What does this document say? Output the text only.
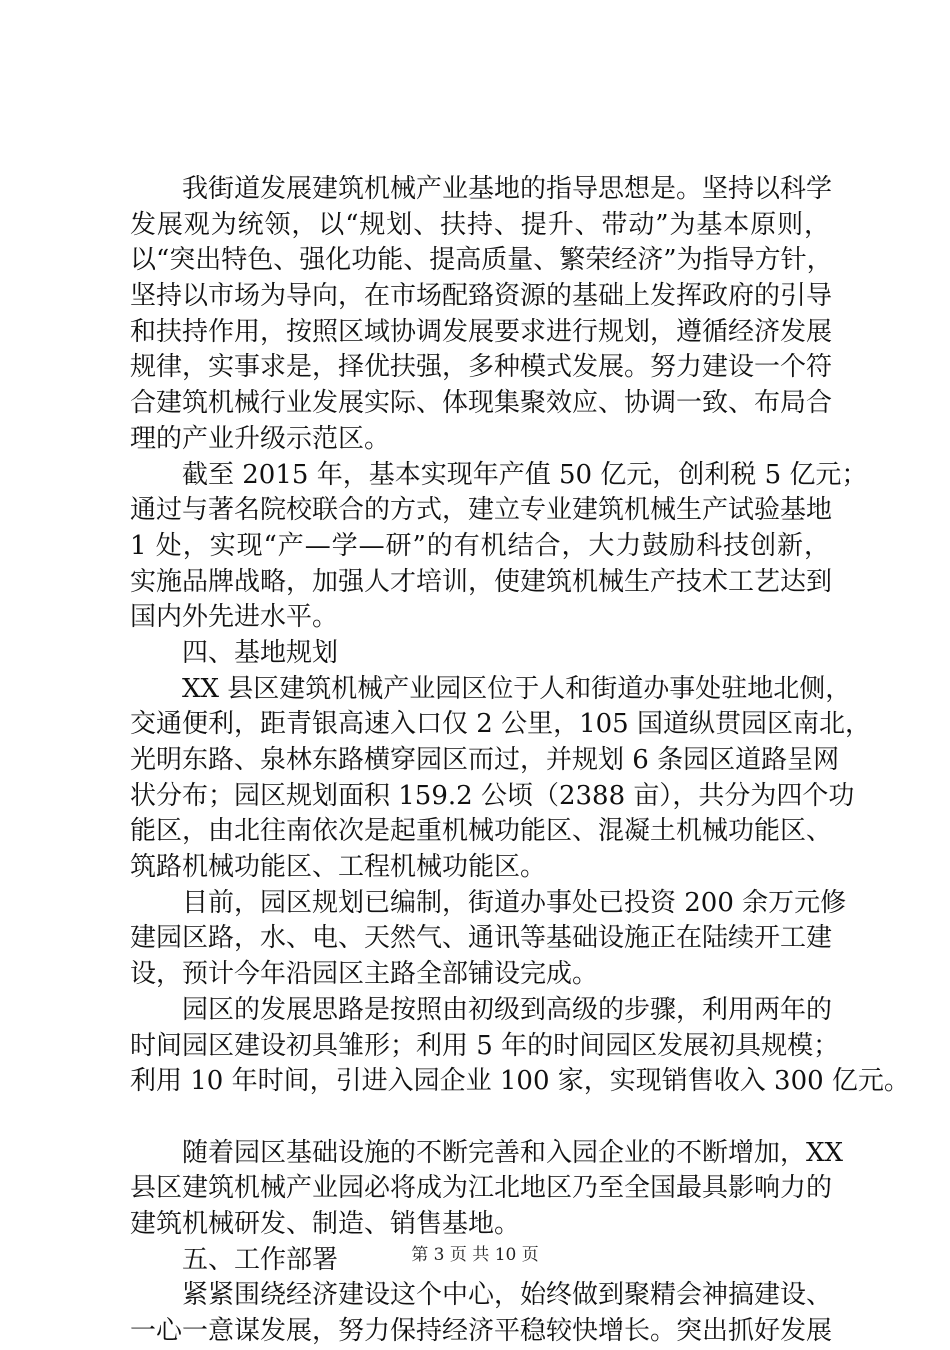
我街道发展建筑机械产业基地的指导思想是。坚持以科学
发展观为统领，以“规划、扶持、提升、带动”为基本原则，
以“突出特色、强化功能、提高质量、繁荣经济”为指导方针，
坚持以市场为导向，在市场配臵资源的基础上发挥政府的引导
和扶持作用，按照区域协调发展要求进行规划，遵循经济发展
规律，实事求是，择优扶强，多种模式发展。努力建设一个符
合建筑机械行业发展实际、体现集聚效应、协调一致、布局合
理的产业升级示范区。
截至 2015 年，基本实现年产值 50 亿元，创利税 5 亿元；
通过与著名院校联合的方式，建立专业建筑机械生产试验基地
1 处，实现“产—学—研”的有机结合，大力鼓励科技创新，
实施品牌战略，加强人才培训，使建筑机械生产技术工艺达到
国内外先进水平。
四、基地规划
XX 县区建筑机械产业园区位于人和街道办事处驻地北侧，
交通便利，距青银高速入口仅 2 公里，105 国道纵贯园区南北，
光明东路、泉林东路横穿园区而过，并规划 6 条园区道路呈网
状分布；园区规划面积 159.2 公顷（2388 亩），共分为四个功
能区，由北往南依次是起重机械功能区、混凝土机械功能区、
筑路机械功能区、工程机械功能区。
目前，园区规划已编制，街道办事处已投资 200 余万元修
建园区路，水、电、天然气、通讯等基础设施正在陆续开工建
设，预计今年沿园区主路全部铺设完成。
园区的发展思路是按照由初级到高级的步骤，利用两年的
时间园区建设初具雏形；利用 5 年的时间园区发展初具规模；
利用 10 年时间，引进入园企业 100 家，实现销售收入 300 亿元。
随着园区基础设施的不断完善和入园企业的不断增加，XX
县区建筑机械产业园必将成为江北地区乃至全国最具影响力的
建筑机械研发、制造、销售基地。
五、工作部署
紧紧围绕经济建设这个中心，始终做到聚精会神搞建设、
一心一意谋发展，努力保持经济平稳较快增长。突出抓好发展
第 3 页 共 10 页
